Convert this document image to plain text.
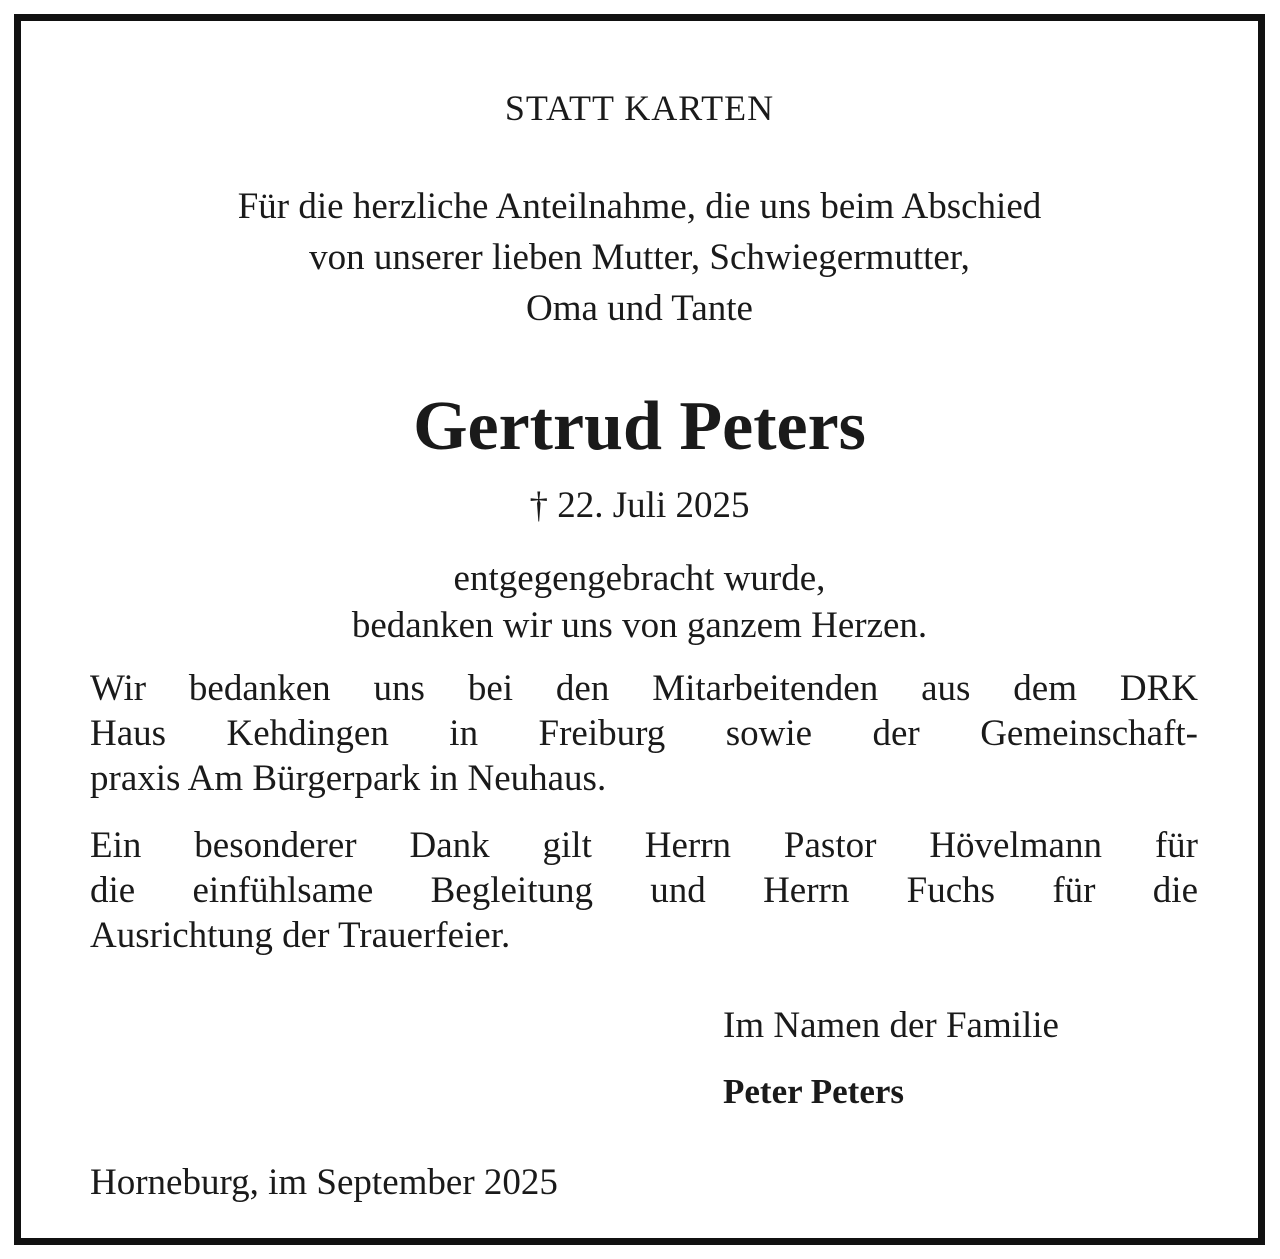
STATT KARTEN
Für die herzliche Anteilnahme, die uns beim Abschied
von unserer lieben Mutter, Schwiegermutter,
Oma und Tante
Gertrud Peters
† 22. Juli 2025
entgegengebracht wurde,
bedanken wir uns von ganzem Herzen.
Wir bedanken uns bei den Mitarbeitenden aus dem DRK
Haus Kehdingen in Freiburg sowie der Gemeinschaft-
praxis Am Bürgerpark in Neuhaus.
Ein besonderer Dank gilt Herrn Pastor Hövelmann für
die einfühlsame Begleitung und Herrn Fuchs für die
Ausrichtung der Trauerfeier.
Im Namen der Familie
Peter Peters
Horneburg, im September 2025
